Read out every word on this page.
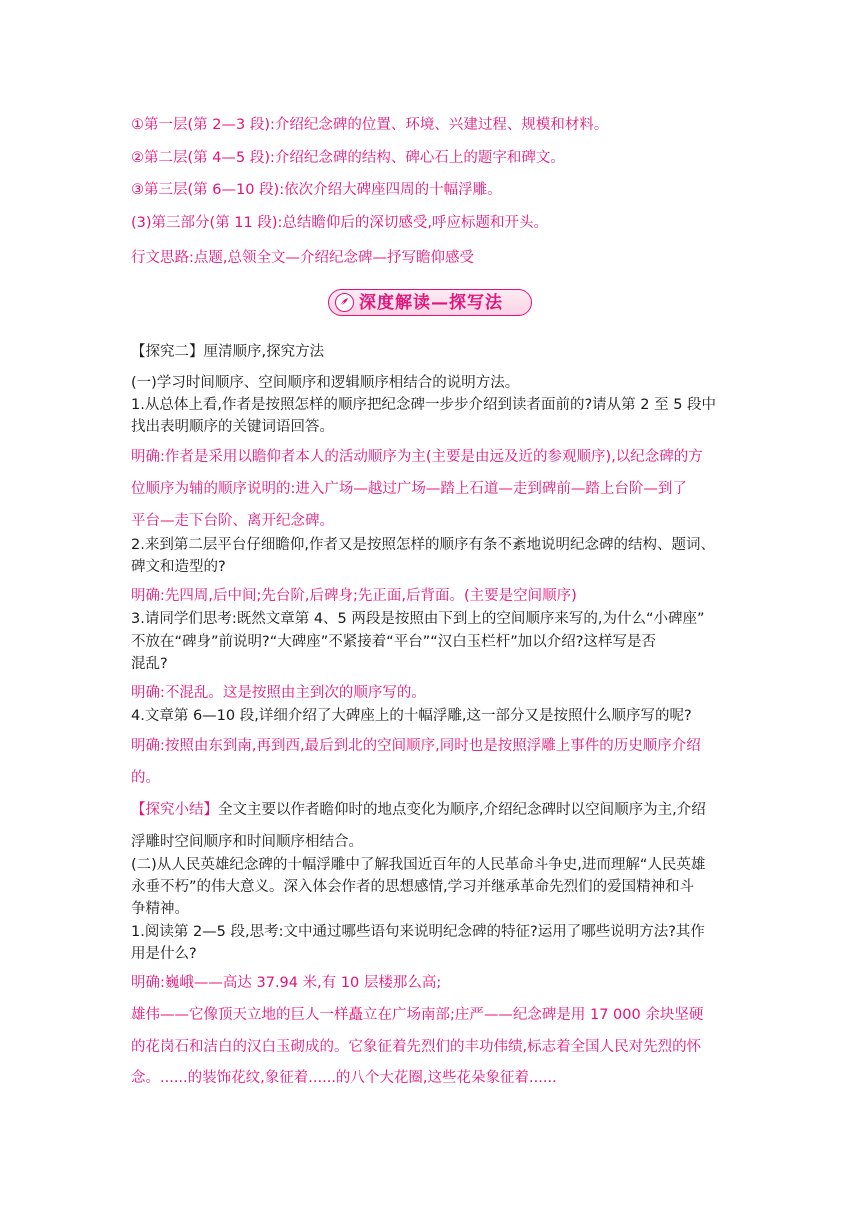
①第一层(第 2—3 段):介绍纪念碑的位置、环境、兴建过程、规模和材料。
②第二层(第 4—5 段):介绍纪念碑的结构、碑心石上的题字和碑文。
③第三层(第 6—10 段):依次介绍大碑座四周的十幅浮雕。
(3)第三部分(第 11 段):总结瞻仰后的深切感受,呼应标题和开头。
行文思路:点题,总领全文—介绍纪念碑—抒写瞻仰感受
深度解读—探写法
【探究二】厘清顺序,探究方法
(一)学习时间顺序、空间顺序和逻辑顺序相结合的说明方法。
1.从总体上看,作者是按照怎样的顺序把纪念碑一步步介绍到读者面前的?请从第 2 至 5 段中
找出表明顺序的关键词语回答。
明确:作者是采用以瞻仰者本人的活动顺序为主(主要是由远及近的参观顺序),以纪念碑的方
位顺序为辅的顺序说明的:进入广场—越过广场—踏上石道—走到碑前—踏上台阶—到了
平台—走下台阶、离开纪念碑。
2.来到第二层平台仔细瞻仰,作者又是按照怎样的顺序有条不紊地说明纪念碑的结构、题词、
碑文和造型的?
明确:先四周,后中间;先台阶,后碑身;先正面,后背面。(主要是空间顺序)
3.请同学们思考:既然文章第 4、5 两段是按照由下到上的空间顺序来写的,为什么“小碑座”
不放在“碑身”前说明?“大碑座”不紧接着“平台”“汉白玉栏杆”加以介绍?这样写是否
混乱?
明确:不混乱。这是按照由主到次的顺序写的。
4.文章第 6—10 段,详细介绍了大碑座上的十幅浮雕,这一部分又是按照什么顺序写的呢?
明确:按照由东到南,再到西,最后到北的空间顺序,同时也是按照浮雕上事件的历史顺序介绍
的。
【探究小结】全文主要以作者瞻仰时的地点变化为顺序,介绍纪念碑时以空间顺序为主,介绍
浮雕时空间顺序和时间顺序相结合。
(二)从人民英雄纪念碑的十幅浮雕中了解我国近百年的人民革命斗争史,进而理解“人民英雄
永垂不朽”的伟大意义。深入体会作者的思想感情,学习并继承革命先烈们的爱国精神和斗
争精神。
1.阅读第 2—5 段,思考:文中通过哪些语句来说明纪念碑的特征?运用了哪些说明方法?其作
用是什么?
明确:巍峨——高达 37.94 米,有 10 层楼那么高;
雄伟——它像顶天立地的巨人一样矗立在广场南部;庄严——纪念碑是用 17 000 余块坚硬
的花岗石和洁白的汉白玉砌成的。它象征着先烈们的丰功伟绩,标志着全国人民对先烈的怀
念。......的装饰花纹,象征着......的八个大花圈,这些花朵象征着......
